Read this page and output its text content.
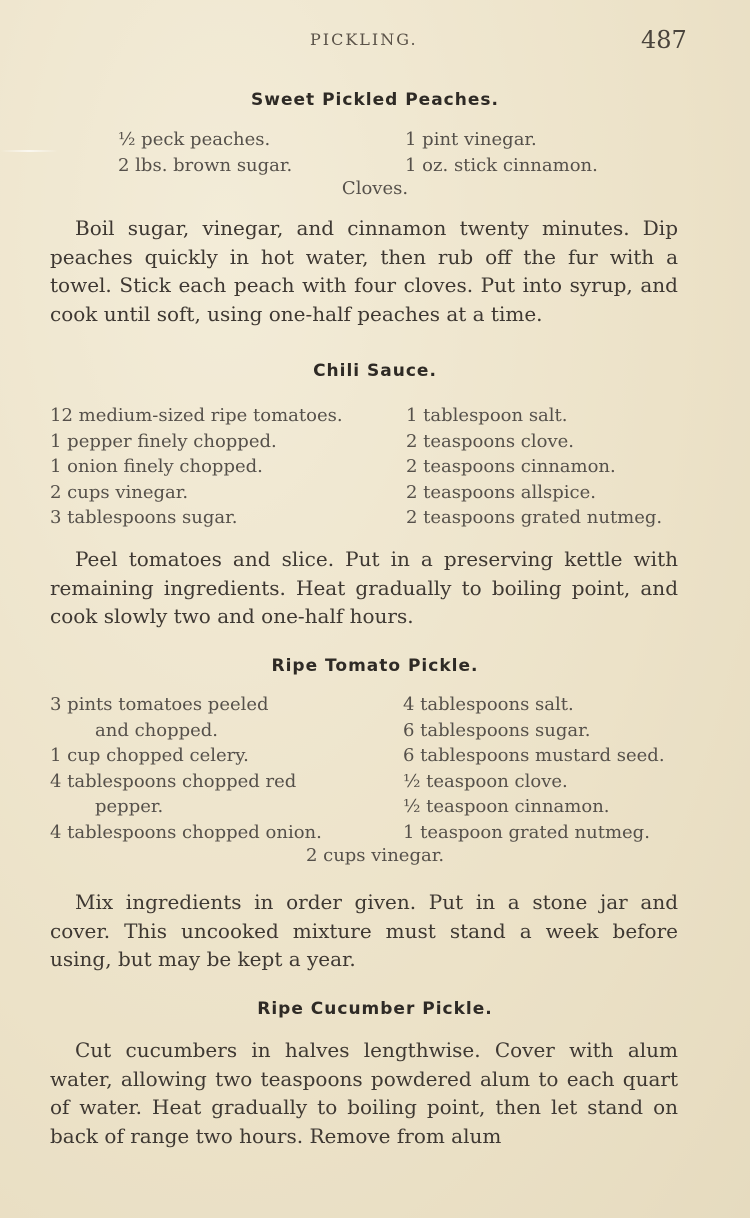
PICKLING.	487
Sweet Pickled Peaches.
½ peck peaches.
2 lbs. brown sugar.
1 pint vinegar.
1 oz. stick cinnamon.
Cloves.
Boil sugar, vinegar, and cinnamon twenty minutes. Dip peaches quickly in hot water, then rub off the fur with a towel. Stick each peach with four cloves. Put into syrup, and cook until soft, using one-half peaches at a time.
Chili Sauce.
12 medium-sized ripe tomatoes.
1 pepper finely chopped.
1 onion finely chopped.
2 cups vinegar.
3 tablespoons sugar.
1 tablespoon salt.
2 teaspoons clove.
2 teaspoons cinnamon.
2 teaspoons allspice.
2 teaspoons grated nutmeg.
Peel tomatoes and slice. Put in a preserving kettle with remaining ingredients. Heat gradually to boiling point, and cook slowly two and one-half hours.
Ripe Tomato Pickle.
3 pints tomatoes peeled
and chopped.
1 cup chopped celery.
4 tablespoons chopped red
pepper.
4 tablespoons chopped onion.
4 tablespoons salt.
6 tablespoons sugar.
6 tablespoons mustard seed.
½ teaspoon clove.
½ teaspoon cinnamon.
1 teaspoon grated nutmeg.
2 cups vinegar.
Mix ingredients in order given. Put in a stone jar and cover. This uncooked mixture must stand a week before using, but may be kept a year.
Ripe Cucumber Pickle.
Cut cucumbers in halves lengthwise. Cover with alum water, allowing two teaspoons powdered alum to each quart of water. Heat gradually to boiling point, then let stand on back of range two hours. Remove from alum
